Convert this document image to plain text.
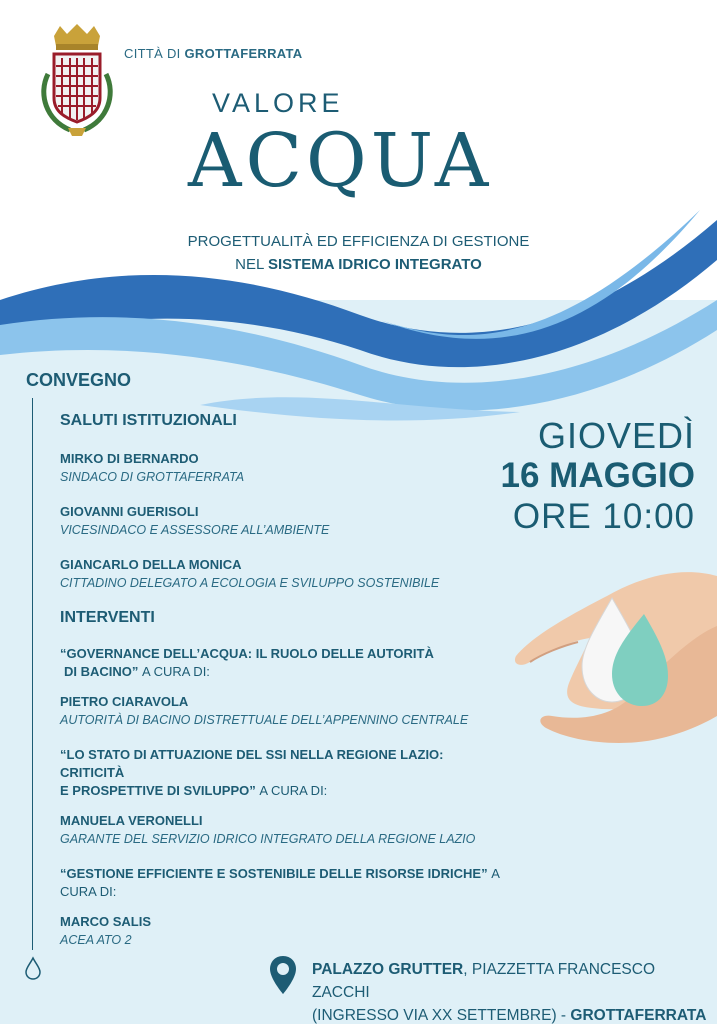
CITTÀ DI GROTTAFERRATA
VALORE
ACQUA
PROGETTUALITÀ ED EFFICIENZA DI GESTIONE
NEL SISTEMA IDRICO INTEGRATO
CONVEGNO
SALUTI ISTITUZIONALI
MIRKO DI BERNARDO
SINDACO DI GROTTAFERRATA
GIOVANNI GUERISOLI
VICESINDACO E ASSESSORE ALL’AMBIENTE
GIANCARLO DELLA MONICA
CITTADINO DELEGATO A ECOLOGIA E SVILUPPO SOSTENIBILE
INTERVENTI
“GOVERNANCE DELL’ACQUA: IL RUOLO DELLE AUTORITÀ
DI BACINO” A CURA DI:
PIETRO CIARAVOLA
AUTORITÀ DI BACINO DISTRETTUALE DELL’APPENNINO CENTRALE
“LO STATO DI ATTUAZIONE DEL SSI NELLA REGIONE LAZIO: CRITICITÀ
E PROSPETTIVE DI SVILUPPO” A CURA DI:
MANUELA VERONELLI
GARANTE DEL SERVIZIO IDRICO INTEGRATO DELLA REGIONE LAZIO
“GESTIONE EFFICIENTE E SOSTENIBILE DELLE RISORSE IDRICHE” A CURA DI:
MARCO SALIS
ACEA ATO 2
GIOVEDÌ
16 MAGGIO
ORE 10:00
PALAZZO GRUTTER, PIAZZETTA FRANCESCO ZACCHI
(INGRESSO VIA XX SETTEMBRE) - GROTTAFERRATA
